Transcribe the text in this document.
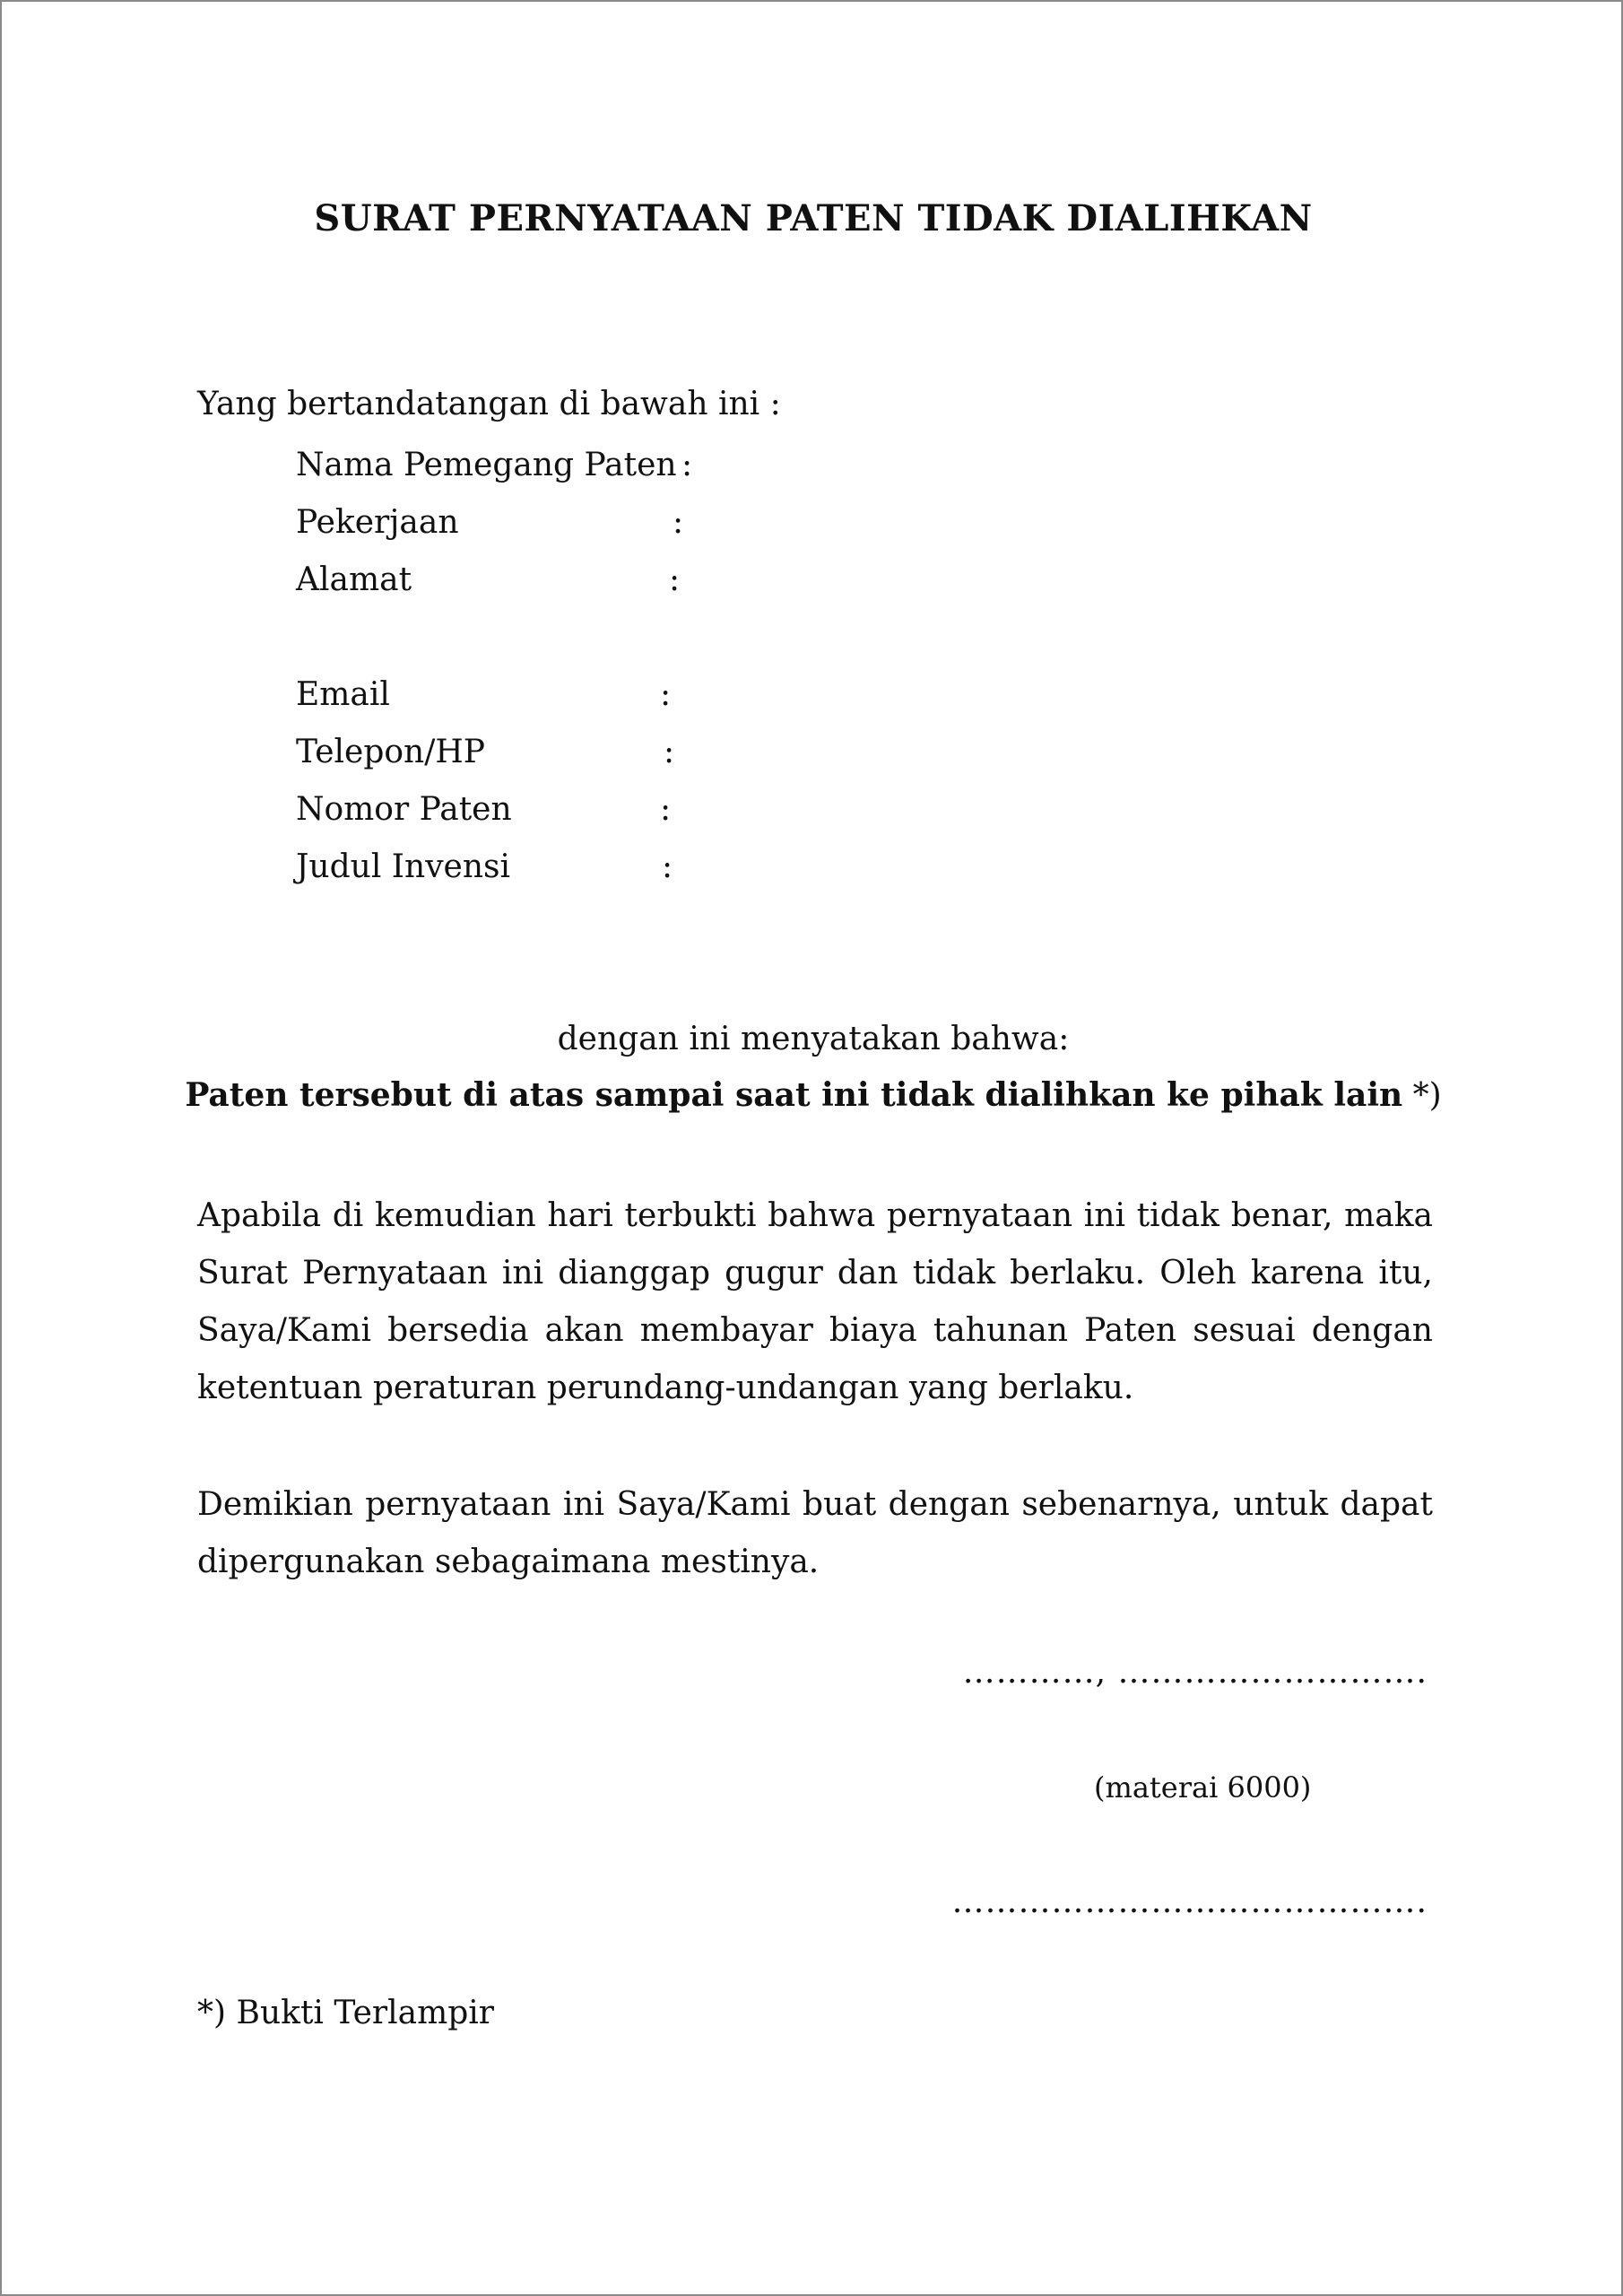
SURAT PERNYATAAN PATEN TIDAK DIALIHKAN
Yang bertandatangan di bawah ini :
Nama Pemegang Paten :
Pekerjaan	:
Alamat	:
Email	:
Telepon/HP	:
Nomor Paten	:
Judul Invensi	:
dengan ini menyatakan bahwa:
Paten tersebut di atas sampai saat ini tidak dialihkan ke pihak lain *)
Apabila di kemudian hari terbukti bahwa pernyataan ini tidak benar, maka Surat Pernyataan ini dianggap gugur dan tidak berlaku. Oleh karena itu, Saya/Kami bersedia akan membayar biaya tahunan Paten sesuai dengan ketentuan peraturan perundang-undangan yang berlaku.
Demikian pernyataan ini Saya/Kami buat dengan sebenarnya, untuk dapat dipergunakan sebagaimana mestinya.
…………, ……………………….
(materai 6000)
…………………………………….
*) Bukti Terlampir
